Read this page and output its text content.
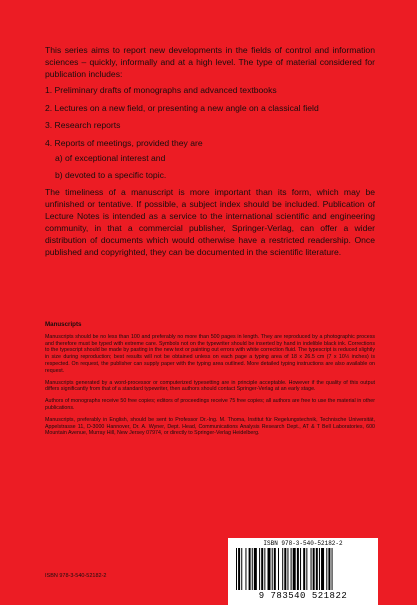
This series aims to report new developments in the fields of control and information sciences – quickly, informally and at a high level. The type of material considered for publication includes:

1. Preliminary drafts of monographs and advanced textbooks
2. Lectures on a new field, or presenting a new angle on a classical field
3. Research reports
4. Reports of meetings, provided they are
a) of exceptional interest and
b) devoted to a specific topic.

The timeliness of a manuscript is more important than its form, which may be unfinished or tentative. If possible, a subject index should be included. Publication of Lecture Notes is intended as a service to the international scientific and engineering community, in that a commercial publisher, Springer-Verlag, can offer a wider distribution of documents which would otherwise have a restricted readership. Once published and copyrighted, they can be documented in the scientific literature.

Manuscripts

Manuscripts should be no less than 100 and preferably no more than 500 pages in length. They are reproduced by a photographic process and therefore must be typed with extreme care. Symbols not on the typewriter should be inserted by hand in indelible black ink. Corrections to the typescript should be made by pasting in the new text or painting out errors with white correction fluid. The typescript is reduced slightly in size during reproduction; best results will not be obtained unless on each page a typing area of 18 x 26.5 cm (7 x 10½ inches) is respected. On request, the publisher can supply paper with the typing area outlined. More detailed typing instructions are also available on request.

Manuscripts generated by a word-processor or computerized typesetting are in principle acceptable. However if the quality of this output differs significantly from that of a standard typewriter, then authors should contact Springer-Verlag at an early stage.

Authors of monographs receive 50 free copies; editors of proceedings receive 75 free copies; all authors are free to use the material in other publications.

Manuscripts, preferably in English, should be sent to Professor Dr.-Ing. M. Thoma, Institut für Regelungstechnik, Technische Universität, Appelstrasse 11, D-3000 Hannover, Dr. A. Wyner, Dept. Head, Communications Analysis Research Dept., AT & T Bell Laboratories, 600 Mountain Avenue, Murray Hill, New Jersey 07974, or directly to Springer-Verlag Heidelberg.

ISBN 978-3-540-52182-2
9 783540 521822
ISBN 978-3-540-52182-2
